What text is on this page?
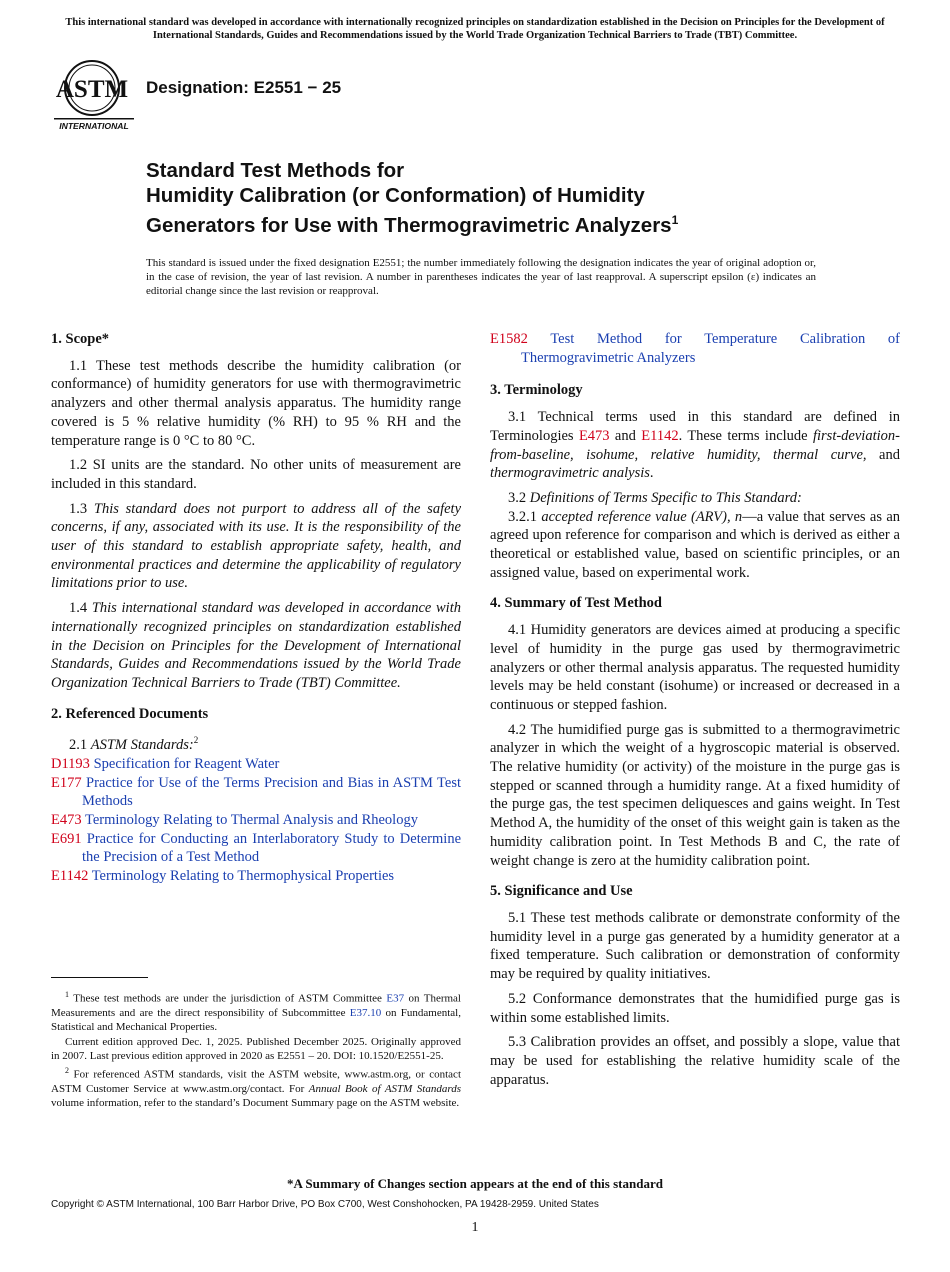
This international standard was developed in accordance with internationally recognized principles on standardization established in the Decision on Principles for the Development of International Standards, Guides and Recommendations issued by the World Trade Organization Technical Barriers to Trade (TBT) Committee.
ASTM
INTERNATIONAL
Designation: E2551 − 25
Standard Test Methods for
Humidity Calibration (or Conformation) of Humidity
Generators for Use with Thermogravimetric Analyzers$^1$
This standard is issued under the fixed designation E2551; the number immediately following the designation indicates the year of original adoption or, in the case of revision, the year of last revision. A number in parentheses indicates the year of last reapproval. A superscript epsilon (ε) indicates an editorial change since the last revision or reapproval.
1. Scope*

1.1 These test methods describe the humidity calibration (or conformance) of humidity generators for use with thermogravimetric analyzers and other thermal analysis apparatus. The humidity range covered is 5 % relative humidity (% RH) to 95 % RH and the temperature range is 0 °C to 80 °C.

1.2 SI units are the standard. No other units of measurement are included in this standard.

1.3 This standard does not purport to address all of the safety concerns, if any, associated with its use. It is the responsibility of the user of this standard to establish appropriate safety, health, and environmental practices and determine the applicability of regulatory limitations prior to use.

1.4 This international standard was developed in accordance with internationally recognized principles on standardization established in the Decision on Principles for the Development of International Standards, Guides and Recommendations issued by the World Trade Organization Technical Barriers to Trade (TBT) Committee.

2. Referenced Documents

2.1 ASTM Standards:$^2$

D1193 Specification for Reagent Water
E177 Practice for Use of the Terms Precision and Bias in ASTM Test Methods
E473 Terminology Relating to Thermal Analysis and Rheology
E691 Practice for Conducting an Interlaboratory Study to Determine the Precision of a Test Method
E1142 Terminology Relating to Thermophysical Properties
E1582 Test Method for Temperature Calibration of Thermogravimetric Analyzers
3. Terminology

3.1 Technical terms used in this standard are defined in Terminologies E473 and E1142. These terms include first-deviation-from-baseline, isohume, relative humidity, thermal curve, and thermogravimetric analysis.

3.2 Definitions of Terms Specific to This Standard:

3.2.1 accepted reference value (ARV), n—a value that serves as an agreed upon reference for comparison and which is derived as either a theoretical or established value, based on scientific principles, or an assigned value, based on experimental work.

4. Summary of Test Method

4.1 Humidity generators are devices aimed at producing a specific level of humidity in the purge gas used by thermogravimetric analyzers or other thermal analysis apparatus. The requested humidity levels may be held constant (isohume) or increased or decreased in a continuous or stepped fashion.

4.2 The humidified purge gas is submitted to a thermogravimetric analyzer in which the weight of a hygroscopic material is observed. The relative humidity (or activity) of the moisture in the purge gas is stepped or scanned through a humidity range. At a fixed humidity of the purge gas, the test specimen deliquesces and gains weight. In Test Method A, the humidity of the onset of this weight gain is taken as the humidity calibration point. In Test Methods B and C, the rate of weight change is zero at the humidity calibration point.

5. Significance and Use

5.1 These test methods calibrate or demonstrate conformity of the humidity level in a purge gas generated by a humidity generator at a fixed temperature. Such calibration or demonstration of conformity may be required by quality initiatives.

5.2 Conformance demonstrates that the humidified purge gas is within some established limits.

5.3 Calibration provides an offset, and possibly a slope, value that may be used for establishing the relative humidity scale of the apparatus.

$^1$ These test methods are under the jurisdiction of ASTM Committee E37 on Thermal Measurements and are the direct responsibility of Subcommittee E37.10 on Fundamental, Statistical and Mechanical Properties.

Current edition approved Dec. 1, 2025. Published December 2025. Originally approved in 2007. Last previous edition approved in 2020 as E2551 – 20. DOI: 10.1520/E2551-25.

$^2$ For referenced ASTM standards, visit the ASTM website, www.astm.org, or contact ASTM Customer Service at www.astm.org/contact. For Annual Book of ASTM Standards volume information, refer to the standard’s Document Summary page on the ASTM website.

*A Summary of Changes section appears at the end of this standard
Copyright © ASTM International, 100 Barr Harbor Drive, PO Box C700, West Conshohocken, PA 19428-2959. United States
1
